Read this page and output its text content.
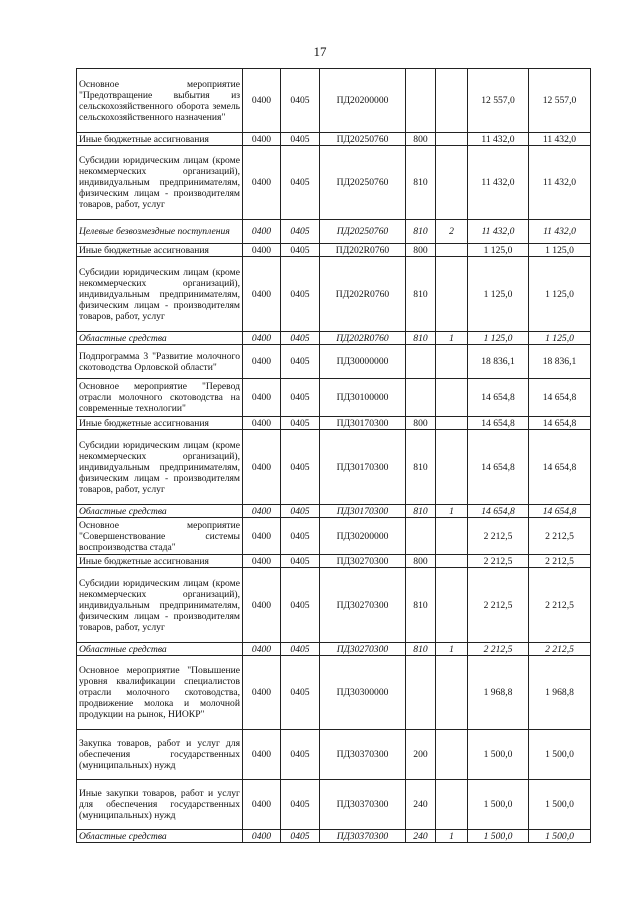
17
Основное мероприятие "Предотвращение выбытия из сельскохозяйственного оборота земель сельскохозяйственного назначения"	0400	0405	ПД20200000			12 557,0	12 557,0
Иные бюджетные ассигнования	0400	0405	ПД20250760	800		11 432,0	11 432,0
Субсидии юридическим лицам (кроме некоммерческих организаций), индивидуальным предпринимателям, физическим лицам - производителям товаров, работ, услуг	0400	0405	ПД20250760	810		11 432,0	11 432,0
Целевые безвозмездные поступления	0400	0405	ПД20250760	810	2	11 432,0	11 432,0
Иные бюджетные ассигнования	0400	0405	ПД202R0760	800		1 125,0	1 125,0
Субсидии юридическим лицам (кроме некоммерческих организаций), индивидуальным предпринимателям, физическим лицам - производителям товаров, работ, услуг	0400	0405	ПД202R0760	810		1 125,0	1 125,0
Областные средства	0400	0405	ПД202R0760	810	1	1 125,0	1 125,0
Подпрограмма 3 "Развитие молочного скотоводства Орловской области"	0400	0405	ПД30000000			18 836,1	18 836,1
Основное мероприятие "Перевод отрасли молочного скотоводства на современные технологии"	0400	0405	ПД30100000			14 654,8	14 654,8
Иные бюджетные ассигнования	0400	0405	ПД30170300	800		14 654,8	14 654,8
Субсидии юридическим лицам (кроме некоммерческих организаций), индивидуальным предпринимателям, физическим лицам - производителям товаров, работ, услуг	0400	0405	ПД30170300	810		14 654,8	14 654,8
Областные средства	0400	0405	ПД30170300	810	1	14 654,8	14 654,8
Основное мероприятие "Совершенствование системы воспроизводства стада"	0400	0405	ПД30200000			2 212,5	2 212,5
Иные бюджетные ассигнования	0400	0405	ПД30270300	800		2 212,5	2 212,5
Субсидии юридическим лицам (кроме некоммерческих организаций), индивидуальным предпринимателям, физическим лицам - производителям товаров, работ, услуг	0400	0405	ПД30270300	810		2 212,5	2 212,5
Областные средства	0400	0405	ПД30270300	810	1	2 212,5	2 212,5
Основное мероприятие "Повышение уровня квалификации специалистов отрасли молочного скотоводства, продвижение молока и молочной продукции на рынок, НИОКР"	0400	0405	ПД30300000			1 968,8	1 968,8
Закупка товаров, работ и услуг для обеспечения государственных (муниципальных) нужд	0400	0405	ПД30370300	200		1 500,0	1 500,0
Иные закупки товаров, работ и услуг для обеспечения государственных (муниципальных) нужд	0400	0405	ПД30370300	240		1 500,0	1 500,0
Областные средства	0400	0405	ПД30370300	240	1	1 500,0	1 500,0
